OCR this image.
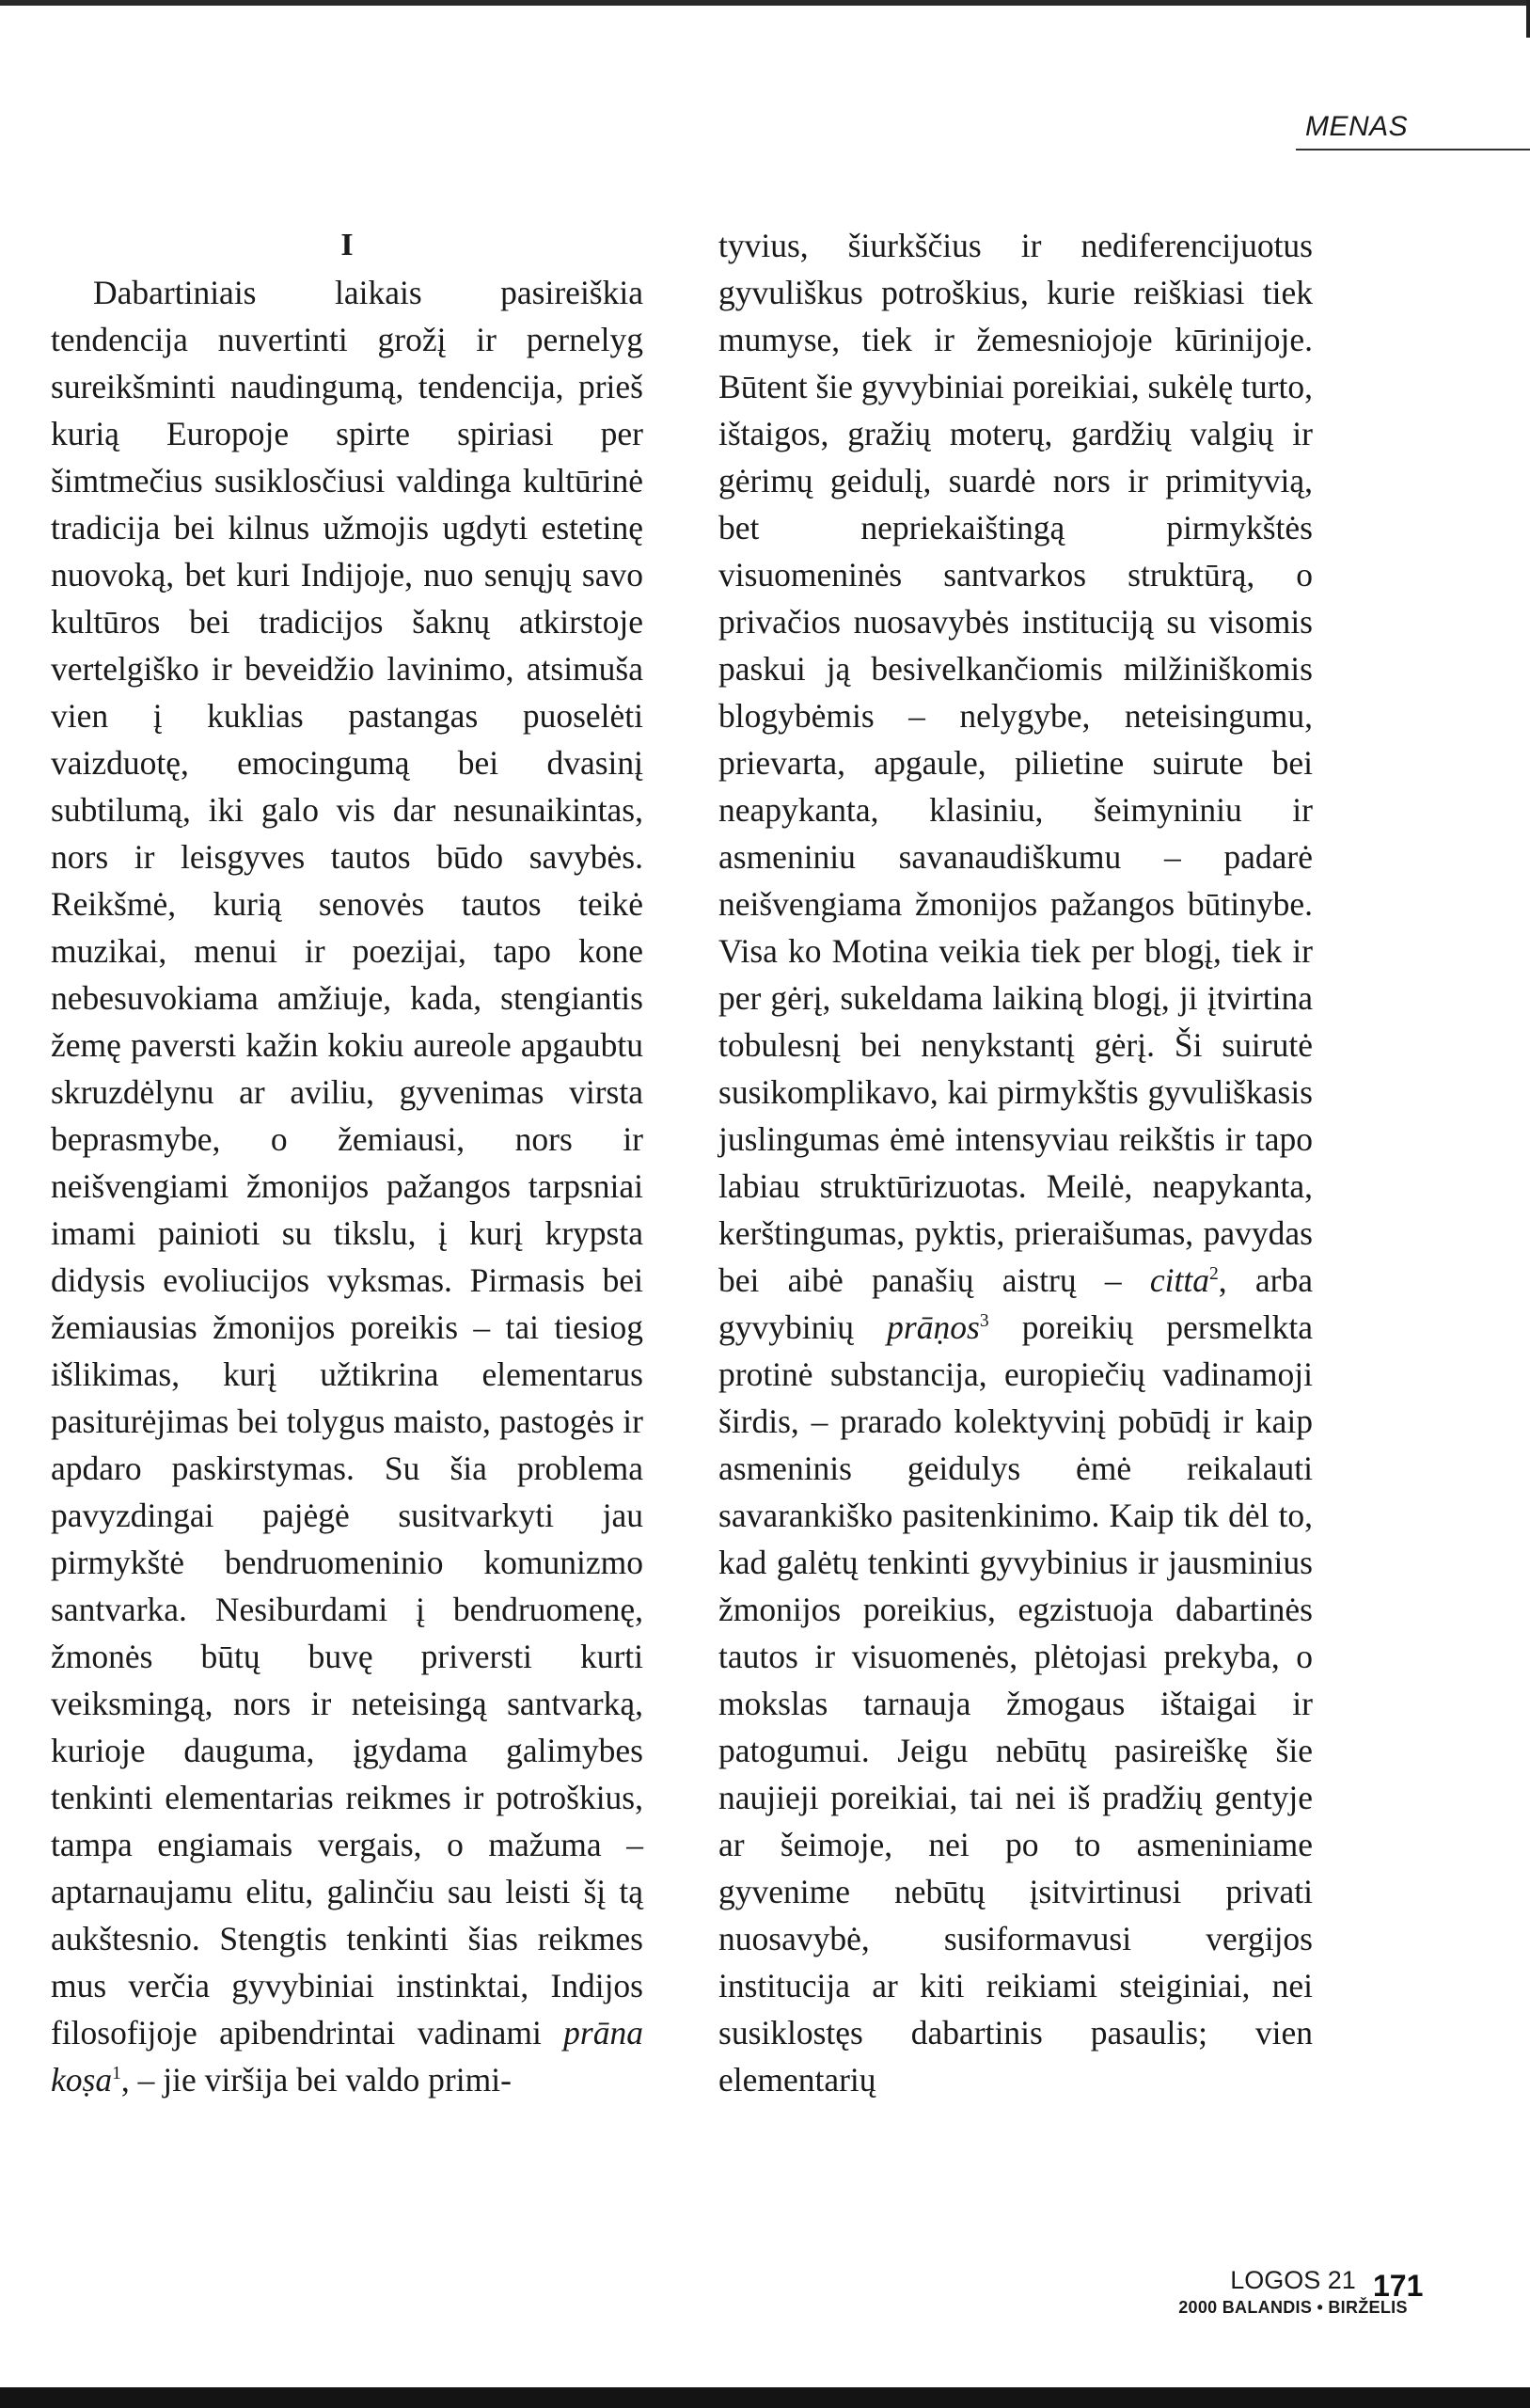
MENAS
I

Dabartiniais laikais pasireiškia tendencija nuvertinti grožį ir pernelyg sureikšminti naudingumą, tendencija, prieš kurią Europoje spirte spiriasi per šimtmečius susiklosčiusi valdinga kultūrinė tradicija bei kilnus užmojis ugdyti estetinę nuovoką, bet kuri Indijoje, nuo senųjų savo kultūros bei tradicijos šaknų atkirstoje vertelgiško ir beveidžio lavinimo, atsimuša vien į kuklias pastangas puoselėti vaizduotę, emocingumą bei dvasinį subtilumą, iki galo vis dar nesunaikintas, nors ir leisgyves tautos būdo savybės. Reikšmė, kurią senovės tautos teikė muzikai, menui ir poezijai, tapo kone nebesuvokiama amžiuje, kada, stengiantis žemę paversti kažin kokiu aureole apgaubtu skruzdėlynu ar aviliu, gyvenimas virsta beprasmybe, o žemiausi, nors ir neišvengiami žmonijos pažangos tarpsniai imami painioti su tikslu, į kurį krypsta didysis evoliucijos vyksmas. Pirmasis bei žemiausias žmonijos poreikis – tai tiesiog išlikimas, kurį užtikrina elementarus pasiturėjimas bei tolygus maisto, pastogės ir apdaro paskirstymas. Su šia problema pavyzdingai pajėgė susitvarkyti jau pirmykštė bendruomeninio komunizmo santvarka. Nesiburdami į bendruomenę, žmonės būtų buvę priversti kurti veiksmingą, nors ir neteisingą santvarką, kurioje dauguma, įgydama galimybes tenkinti elementarias reikmes ir potroškius, tampa engiamais vergais, o mažuma – aptarnaujamu elitu, galinčiu sau leisti šį tą aukštesnio. Stengtis tenkinti šias reikmes mus verčia gyvybiniai instinktai, Indijos filosofijoje apibendrintai vadinami prāna koṣa$^1$, – jie viršija bei valdo primi-

tyvius, šiurkščius ir nediferencijuotus gyvuliškus potroškius, kurie reiškiasi tiek mumyse, tiek ir žemesniojoje kūrinijoje. Būtent šie gyvybiniai poreikiai, sukėlę turto, ištaigos, gražių moterų, gardžių valgių ir gėrimų geidulį, suardė nors ir primityvią, bet nepriekaištingą pirmykštės visuomeninės santvarkos struktūrą, o privačios nuosavybės instituciją su visomis paskui ją besivelkančiomis milžiniškomis blogybėmis – nelygybe, neteisingumu, prievarta, apgaule, pilietine suirute bei neapykanta, klasiniu, šeimyniniu ir asmeniniu savanaudiškumu – padarė neišvengiama žmonijos pažangos būtinybe. Visa ko Motina veikia tiek per blogį, tiek ir per gėrį, sukeldama laikiną blogį, ji įtvirtina tobulesnį bei nenykstantį gėrį. Ši suirutė susikomplikavo, kai pirmykštis gyvuliškasis juslingumas ėmė intensyviau reikštis ir tapo labiau struktūrizuotas. Meilė, neapykanta, kerštingumas, pyktis, prieraišumas, pavydas bei aibė panašių aistrų – citta$^2$, arba gyvybinių prāṇos$^3$ poreikių persmelkta protinė substancija, europiečių vadinamoji širdis, – prarado kolektyvinį pobūdį ir kaip asmeninis geidulys ėmė reikalauti savarankiško pasitenkinimo. Kaip tik dėl to, kad galėtų tenkinti gyvybinius ir jausminius žmonijos poreikius, egzistuoja dabartinės tautos ir visuomenės, plėtojasi prekyba, o mokslas tarnauja žmogaus ištaigai ir patogumui. Jeigu nebūtų pasireiškę šie naujieji poreikiai, tai nei iš pradžių gentyje ar šeimoje, nei po to asmeniniame gyvenime nebūtų įsitvirtinusi privati nuosavybė, susiformavusi vergijos institucija ar kiti reikiami steiginiai, nei susiklostęs dabartinis pasaulis; vien elementarių

LOGOS 21
2000 BALANDIS • BIRŽELIS
171
